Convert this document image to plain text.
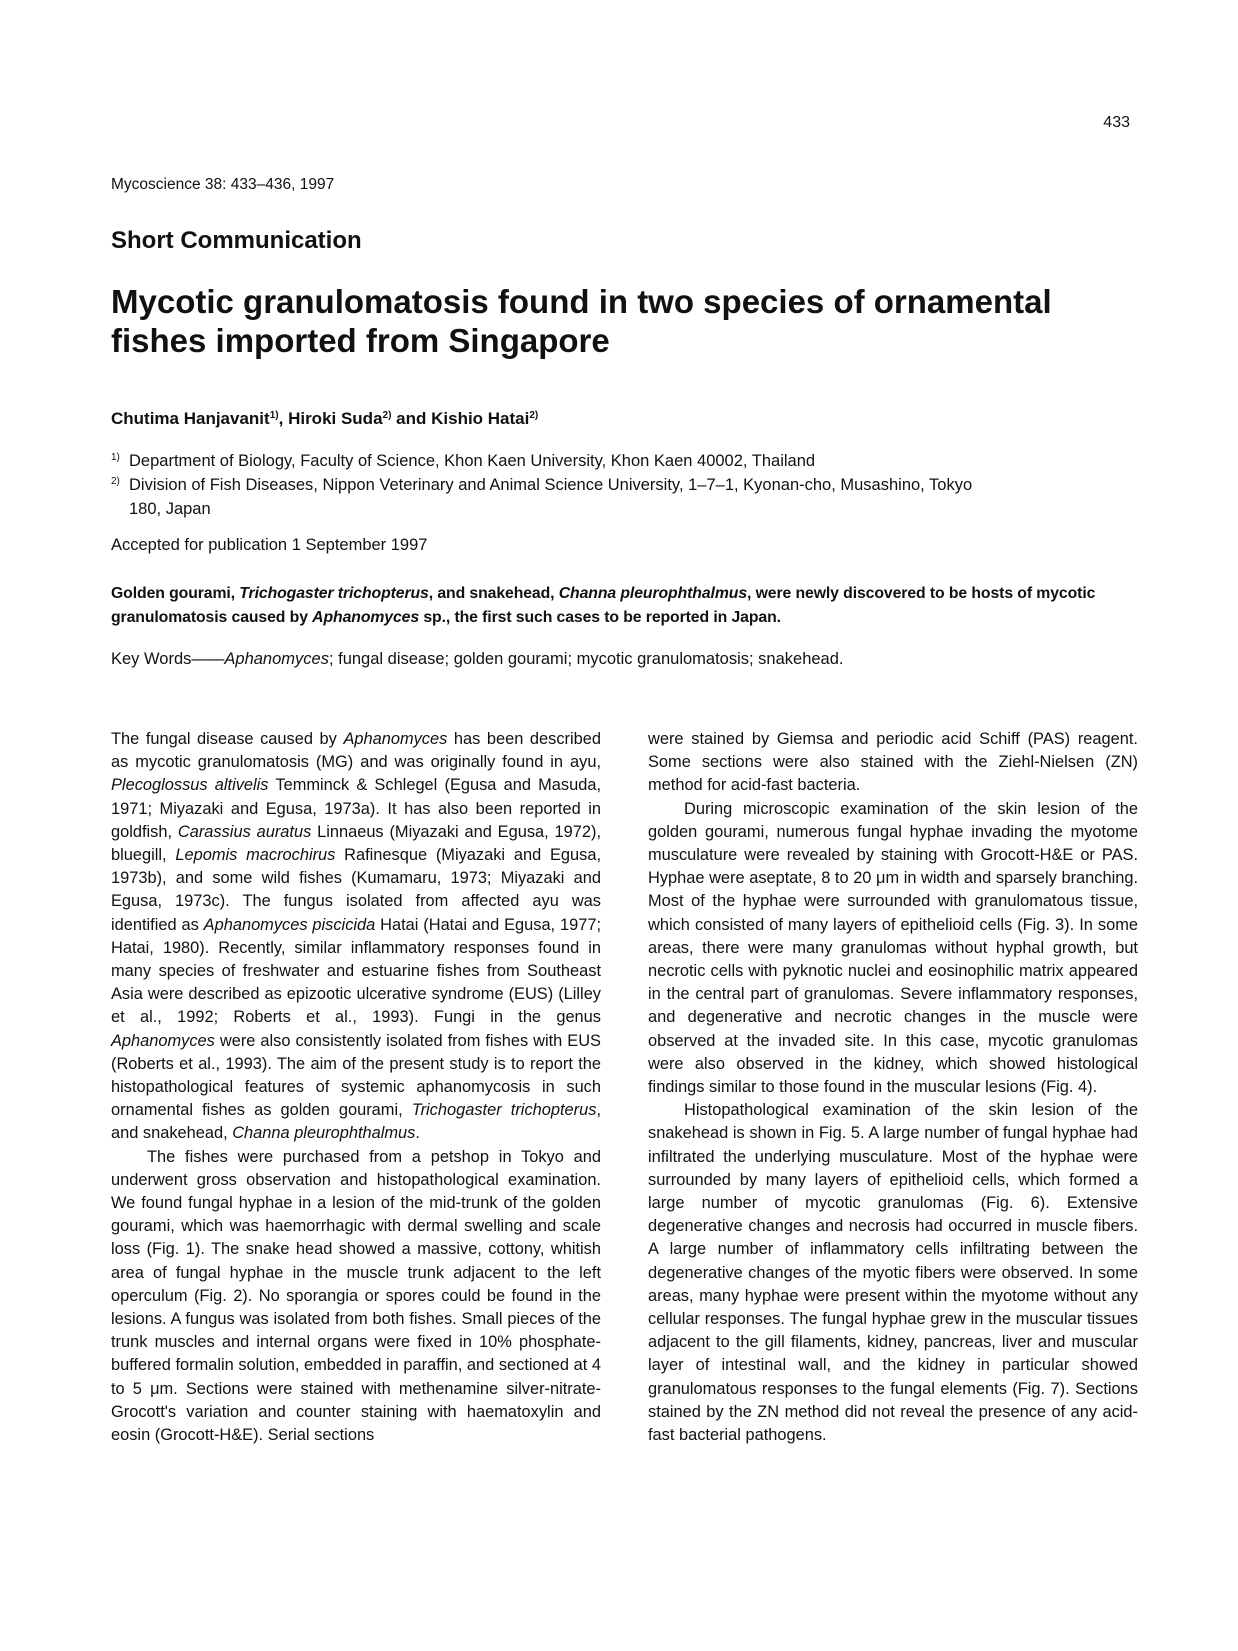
433
Mycoscience 38: 433–436, 1997
Short Communication
Mycotic granulomatosis found in two species of ornamental fishes imported from Singapore
Chutima Hanjavanit$^{1)}$, Hiroki Suda$^{2)}$ and Kishio Hatai$^{2)}$
$^{1)}$ Department of Biology, Faculty of Science, Khon Kaen University, Khon Kaen 40002, Thailand
$^{2)}$ Division of Fish Diseases, Nippon Veterinary and Animal Science University, 1–7–1, Kyonan-cho, Musashino, Tokyo
180, Japan
Accepted for publication 1 September 1997
Golden gourami, Trichogaster trichopterus, and snakehead, Channa pleurophthalmus, were newly discovered to be hosts of mycotic granulomatosis caused by Aphanomyces sp., the first such cases to be reported in Japan.
Key Words——Aphanomyces; fungal disease; golden gourami; mycotic granulomatosis; snakehead.

The fungal disease caused by Aphanomyces has been described as mycotic granulomatosis (MG) and was originally found in ayu, Plecoglossus altivelis Temminck & Schlegel (Egusa and Masuda, 1971; Miyazaki and Egusa, 1973a). It has also been reported in goldfish, Carassius auratus Linnaeus (Miyazaki and Egusa, 1972), bluegill, Lepomis macrochirus Rafinesque (Miyazaki and Egusa, 1973b), and some wild fishes (Kumamaru, 1973; Miyazaki and Egusa, 1973c). The fungus isolated from affected ayu was identified as Aphanomyces piscicida Hatai (Hatai and Egusa, 1977; Hatai, 1980). Recently, similar inflammatory responses found in many species of freshwater and estuarine fishes from Southeast Asia were described as epizootic ulcerative syndrome (EUS) (Lilley et al., 1992; Roberts et al., 1993). Fungi in the genus Aphanomyces were also consistently isolated from fishes with EUS (Roberts et al., 1993). The aim of the present study is to report the histopathological features of systemic aphanomycosis in such ornamental fishes as golden gourami, Trichogaster trichopterus, and snakehead, Channa pleurophthalmus.

The fishes were purchased from a petshop in Tokyo and underwent gross observation and histopathological examination. We found fungal hyphae in a lesion of the mid-trunk of the golden gourami, which was haemorrhagic with dermal swelling and scale loss (Fig. 1). The snake head showed a massive, cottony, whitish area of fungal hyphae in the muscle trunk adjacent to the left operculum (Fig. 2). No sporangia or spores could be found in the lesions. A fungus was isolated from both fishes. Small pieces of the trunk muscles and internal organs were fixed in 10% phosphate-buffered formalin solution, embedded in paraffin, and sectioned at 4 to 5 μm. Sections were stained with methenamine silver-nitrate-Grocott's variation and counter staining with haematoxylin and eosin (Grocott-H&E). Serial sections

were stained by Giemsa and periodic acid Schiff (PAS) reagent. Some sections were also stained with the Ziehl-Nielsen (ZN) method for acid-fast bacteria.

During microscopic examination of the skin lesion of the golden gourami, numerous fungal hyphae invading the myotome musculature were revealed by staining with Grocott-H&E or PAS. Hyphae were aseptate, 8 to 20 μm in width and sparsely branching. Most of the hyphae were surrounded with granulomatous tissue, which consisted of many layers of epithelioid cells (Fig. 3). In some areas, there were many granulomas without hyphal growth, but necrotic cells with pyknotic nuclei and eosinophilic matrix appeared in the central part of granulomas. Severe inflammatory responses, and degenerative and necrotic changes in the muscle were observed at the invaded site. In this case, mycotic granulomas were also observed in the kidney, which showed histological findings similar to those found in the muscular lesions (Fig. 4).

Histopathological examination of the skin lesion of the snakehead is shown in Fig. 5. A large number of fungal hyphae had infiltrated the underlying musculature. Most of the hyphae were surrounded by many layers of epithelioid cells, which formed a large number of mycotic granulomas (Fig. 6). Extensive degenerative changes and necrosis had occurred in muscle fibers. A large number of inflammatory cells infiltrating between the degenerative changes of the myotic fibers were observed. In some areas, many hyphae were present within the myotome without any cellular responses. The fungal hyphae grew in the muscular tissues adjacent to the gill filaments, kidney, pancreas, liver and muscular layer of intestinal wall, and the kidney in particular showed granulomatous responses to the fungal elements (Fig. 7). Sections stained by the ZN method did not reveal the presence of any acid-fast bacterial pathogens.
